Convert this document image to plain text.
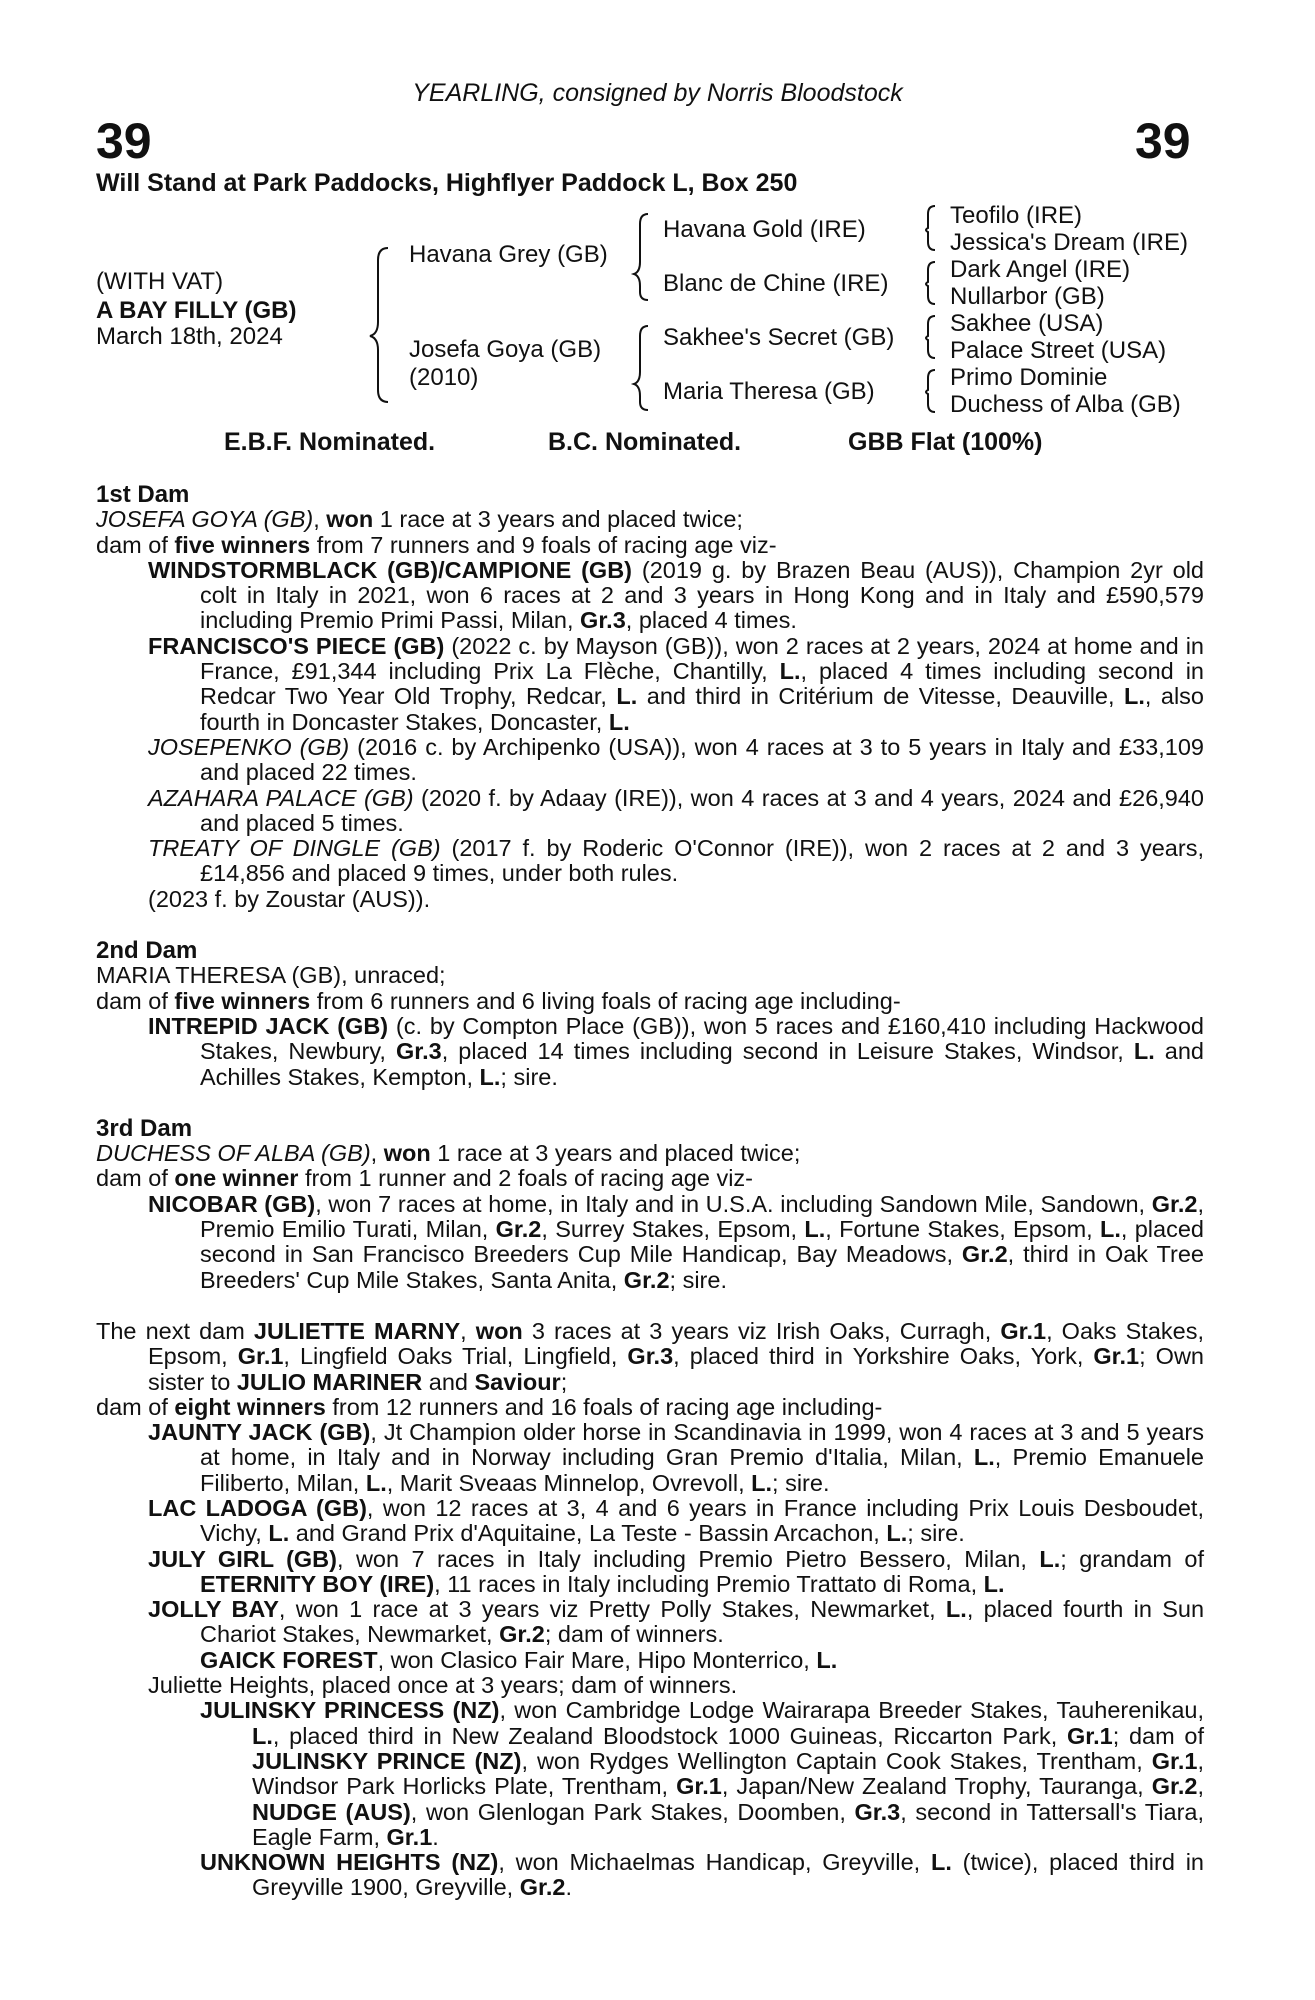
YEARLING, consigned by Norris Bloodstock
39	39
Will Stand at Park Paddocks, Highflyer Paddock L, Box 250
(WITH VAT)
A BAY FILLY (GB)
March 18th, 2024
Havana Grey (GB)
Josefa Goya (GB)
(2010)
Havana Gold (IRE)
Blanc de Chine (IRE)
Sakhee's Secret (GB)
Maria Theresa (GB)
Teofilo (IRE)
Jessica's Dream (IRE)
Dark Angel (IRE)
Nullarbor (GB)
Sakhee (USA)
Palace Street (USA)
Primo Dominie
Duchess of Alba (GB)
E.B.F. Nominated.	B.C. Nominated.	GBB Flat (100%)

1st Dam

JOSEFA GOYA (GB), won 1 race at 3 years and placed twice;

dam of five winners from 7 runners and 9 foals of racing age viz-

WINDSTORMBLACK (GB)/CAMPIONE (GB) (2019 g. by Brazen Beau (AUS)), Champion 2yr old colt in Italy in 2021, won 6 races at 2 and 3 years in Hong Kong and in Italy and £590,579 including Premio Primi Passi, Milan, Gr.3, placed 4 times.

FRANCISCO'S PIECE (GB) (2022 c. by Mayson (GB)), won 2 races at 2 years, 2024 at home and in France, £91,344 including Prix La Flèche, Chantilly, L., placed 4 times including second in Redcar Two Year Old Trophy, Redcar, L. and third in Critérium de Vitesse, Deauville, L., also fourth in Doncaster Stakes, Doncaster, L.

JOSEPENKO (GB) (2016 c. by Archipenko (USA)), won 4 races at 3 to 5 years in Italy and £33,109 and placed 22 times.

AZAHARA PALACE (GB) (2020 f. by Adaay (IRE)), won 4 races at 3 and 4 years, 2024 and £26,940 and placed 5 times.

TREATY OF DINGLE (GB) (2017 f. by Roderic O'Connor (IRE)), won 2 races at 2 and 3 years, £14,856 and placed 9 times, under both rules.

(2023 f. by Zoustar (AUS)).

2nd Dam

MARIA THERESA (GB), unraced;

dam of five winners from 6 runners and 6 living foals of racing age including-

INTREPID JACK (GB) (c. by Compton Place (GB)), won 5 races and £160,410 including Hackwood Stakes, Newbury, Gr.3, placed 14 times including second in Leisure Stakes, Windsor, L. and Achilles Stakes, Kempton, L.; sire.

3rd Dam

DUCHESS OF ALBA (GB), won 1 race at 3 years and placed twice;

dam of one winner from 1 runner and 2 foals of racing age viz-

NICOBAR (GB), won 7 races at home, in Italy and in U.S.A. including Sandown Mile, Sandown, Gr.2, Premio Emilio Turati, Milan, Gr.2, Surrey Stakes, Epsom, L., Fortune Stakes, Epsom, L., placed second in San Francisco Breeders Cup Mile Handicap, Bay Meadows, Gr.2, third in Oak Tree Breeders' Cup Mile Stakes, Santa Anita, Gr.2; sire.

The next dam JULIETTE MARNY, won 3 races at 3 years viz Irish Oaks, Curragh, Gr.1, Oaks Stakes, Epsom, Gr.1, Lingfield Oaks Trial, Lingfield, Gr.3, placed third in Yorkshire Oaks, York, Gr.1; Own sister to JULIO MARINER and Saviour;

dam of eight winners from 12 runners and 16 foals of racing age including-

JAUNTY JACK (GB), Jt Champion older horse in Scandinavia in 1999, won 4 races at 3 and 5 years at home, in Italy and in Norway including Gran Premio d'Italia, Milan, L., Premio Emanuele Filiberto, Milan, L., Marit Sveaas Minnelop, Ovrevoll, L.; sire.

LAC LADOGA (GB), won 12 races at 3, 4 and 6 years in France including Prix Louis Desboudet, Vichy, L. and Grand Prix d'Aquitaine, La Teste - Bassin Arcachon, L.; sire.

JULY GIRL (GB), won 7 races in Italy including Premio Pietro Bessero, Milan, L.; grandam of ETERNITY BOY (IRE), 11 races in Italy including Premio Trattato di Roma, L.

JOLLY BAY, won 1 race at 3 years viz Pretty Polly Stakes, Newmarket, L., placed fourth in Sun Chariot Stakes, Newmarket, Gr.2; dam of winners.

GAICK FOREST, won Clasico Fair Mare, Hipo Monterrico, L.

Juliette Heights, placed once at 3 years; dam of winners.

JULINSKY PRINCESS (NZ), won Cambridge Lodge Wairarapa Breeder Stakes, Tauherenikau, L., placed third in New Zealand Bloodstock 1000 Guineas, Riccarton Park, Gr.1; dam of JULINSKY PRINCE (NZ), won Rydges Wellington Captain Cook Stakes, Trentham, Gr.1, Windsor Park Horlicks Plate, Trentham, Gr.1, Japan/New Zealand Trophy, Tauranga, Gr.2, NUDGE (AUS), won Glenlogan Park Stakes, Doomben, Gr.3, second in Tattersall's Tiara, Eagle Farm, Gr.1.

UNKNOWN HEIGHTS (NZ), won Michaelmas Handicap, Greyville, L. (twice), placed third in Greyville 1900, Greyville, Gr.2.
